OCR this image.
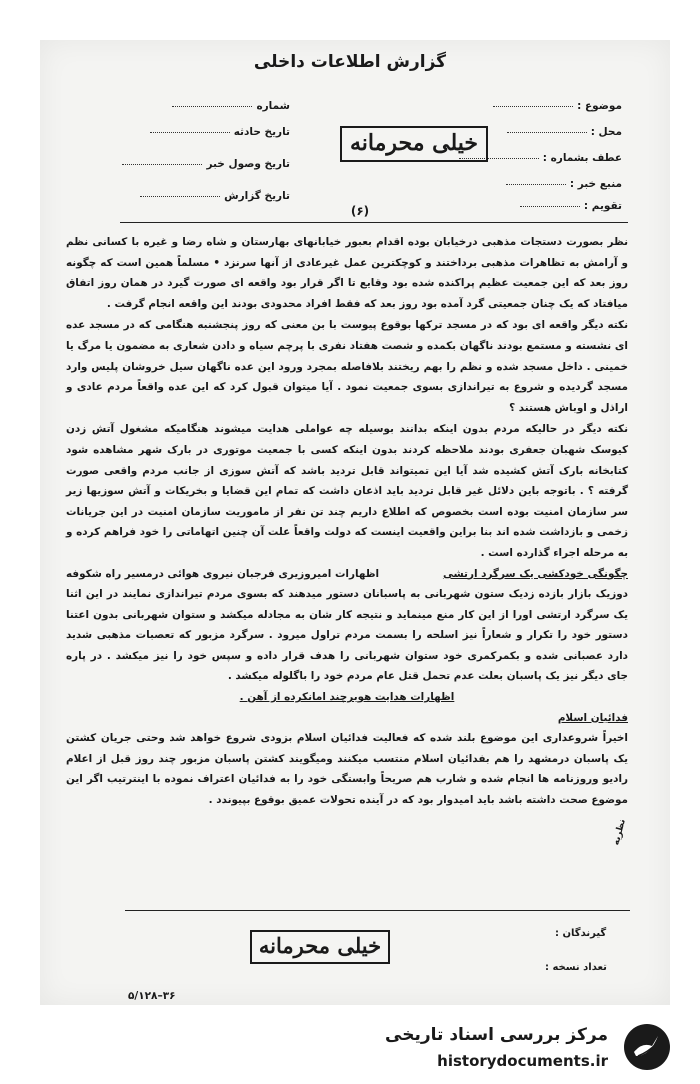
گزارش اطلاعات داخلی
موضوع :
محل :
عطف بشماره :
منبع خبر :
تقویم :
شماره
تاریخ حادثه
تاریخ وصول خبر
تاریخ گزارش
خیلی محرمانه
(۶)

نظر بصورت دستجات مذهبی درخیابان بوده اقدام بعبور خیابانهای بهارستان و شاه رضا و غیره با کسانی نظم و آرامش به تظاهرات مذهبی برداختند و کوچکترین عمل غیرعادی از آنها سرنزد • مسلماً همین است که چگونه روز بعد که این جمعیت عظیم پراکنده شده بود وقایع تا اگر قرار بود واقعه ای صورت گیرد در همان روز اتفاق میافتاد که یک چنان جمعیتی گرد آمده بود روز بعد که فقط افراد محدودی بودند این واقعه انجام گرفت .

نکته دیگر واقعه ای بود که در مسجد ترکها بوقوع پیوست با بن معنی که روز پنجشنبه هنگامی که در مسجد عده ای نشسته و مستمع بودند ناگهان بکمده و شصت هفتاد نفری با پرچم سیاه و دادن شعاری به مضمون یا مرگ یا خمینی . داخل مسجد شده و نظم را بهم ریختند بلافاصله بمجرد ورود این عده ناگهان سیل خروشان پلیس وارد مسجد گردیده و شروع به تیراندازی بسوی جمعیت نمود . آیا میتوان قبول کرد که این عده واقعاً مردم عادی و اراذل و اوباش هستند ؟

نکته دیگر در حالیکه مردم بدون اینکه بدانند بوسیله چه عواملی هدایت میشوند هنگامیکه مشغول آتش زدن کیوسک شهبان جعفری بودند ملاحظه کردند بدون اینکه کسی با جمعیت موتوری در بارک شهر مشاهده شود کتابخانه بارک آتش کشیده شد آیا این تمیتواند قابل تردید باشد که آتش سوزی از جانب مردم واقعی صورت گرفته ؟ . باتوجه باین دلائل غیر قابل تردید باید اذعان داشت که تمام این قضایا و بخریکات و آتش سوزیها زیر سر سازمان امنیت بوده است بخصوص که اطلاع داریم چند تن نفر از ماموریت سازمان امنیت در این جریانات زخمی و بازداشت شده اند بنا براین واقعیت اینست که دولت واقعاً علت آن چنین اتهاماتی را خود فراهم کرده و به مرحله اجراء گذارده است .

چگونگی خودکشی یک سرگرد ارتشی
اظهارات امیروزیری فرجبان نیروی هوائی درمسیر راه شکوفه

دوزیک بازار بازده زدیک ستون شهربانی به پاسبانان دستور میدهند که بسوی مردم تیراندازی نمایند در این اثنا یک سرگرد ارتشی اورا از این کار منع مینماید و نتیجه کار شان به مجادله میکشد و ستوان شهربانی بدون اعتنا دستور خود را تکرار و شعاراً نیز اسلحه را بسمت مردم تراول میرود . سرگرد مزبور که تعصبات مذهبی شدید دارد عصبانی شده و بکمرکمری خود ستوان شهربانی را هدف قرار داده و سپس خود را نیز میکشد . در پاره جای دیگر نیز یک پاسبان بعلت عدم تحمل قتل عام مردم خود را باگلوله میکشد .

اظهارات هدایت هویرچند امانکرده از آهن .

فدائیان اسلام

اخیراً شروعداری این موضوع بلند شده که فعالیت فدائیان اسلام بزودی شروع خواهد شد وحتی جریان کشتن یک پاسبان درمشهد را هم بفدائیان اسلام منتسب میکنند ومیگویند کشتن پاسبان مزبور چند روز قبل از اعلام رادیو وروزنامه ها انجام شده و شارب هم صریحاً وابستگی خود را به فدائیان اعتراف نموده با اینترتیب اگر این موضوع صحت داشته باشد باید امیدوار بود که در آینده تحولات عمیق بوقوع بپیوندد .

نظریه
گیرندگان :
تعداد نسخه :
خیلی محرمانه
۵/۱۲۸–۳۶
مرکز بررسی اسناد تاریخی
historydocuments.ir
